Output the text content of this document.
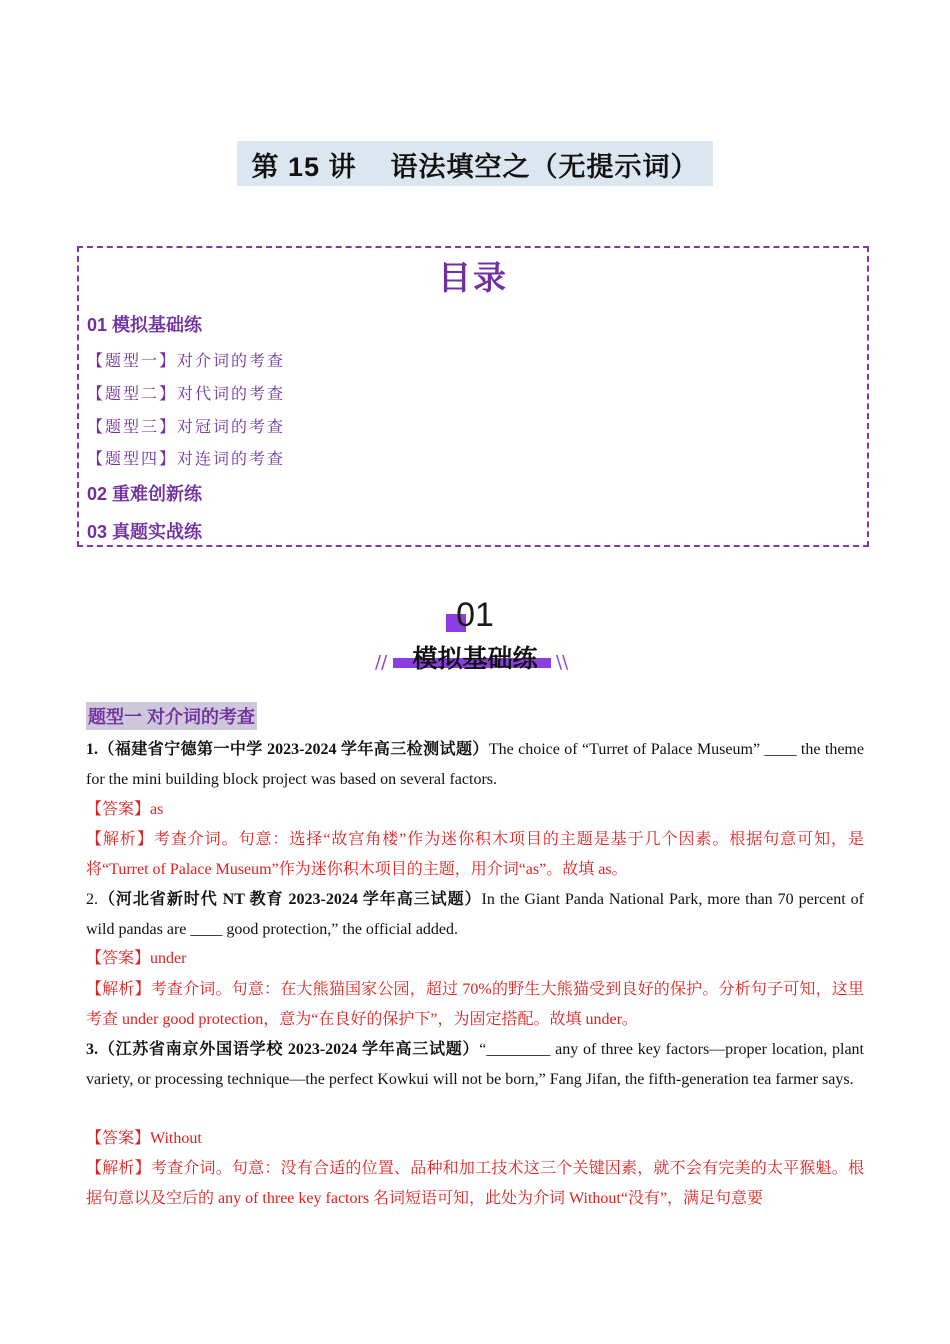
第 15 讲    语法填空之（无提示词）
目录
01 模拟基础练
【题型一】对介词的考查
【题型二】对代词的考查
【题型三】对冠词的考查
【题型四】对连词的考查
02 重难创新练
03 真题实战练
01
模拟基础练
//	\\
题型一 对介词的考查

1.（福建省宁德第一中学 2023-2024 学年高三检测试题）The choice of “Turret of Palace Museum” ____ the theme for the mini building block project was based on several factors.

【答案】as

【解析】考查介词。句意：选择“故宫角楼”作为迷你积木项目的主题是基于几个因素。根据句意可知，是将“Turret of Palace Museum”作为迷你积木项目的主题，用介词“as”。故填 as。

2.（河北省新时代 NT 教育 2023-2024 学年高三试题）In the Giant Panda National Park, more than 70 percent of wild pandas are ____ good protection,” the official added.

【答案】under

【解析】考查介词。句意：在大熊猫国家公园，超过 70%的野生大熊猫受到良好的保护。分析句子可知，这里考查 under good protection，意为“在良好的保护下”，为固定搭配。故填 under。

3.（江苏省南京外国语学校 2023-2024 学年高三试题）“________ any of three key factors—proper location, plant variety, or processing technique—the perfect Kowkui will not be born,” Fang Jifan, the fifth-generation tea farmer says.

【答案】Without

【解析】考查介词。句意：没有合适的位置、品种和加工技术这三个关键因素，就不会有完美的太平猴魁。根据句意以及空后的 any of three key factors 名词短语可知，此处为介词 Without“没有”，满足句意要
